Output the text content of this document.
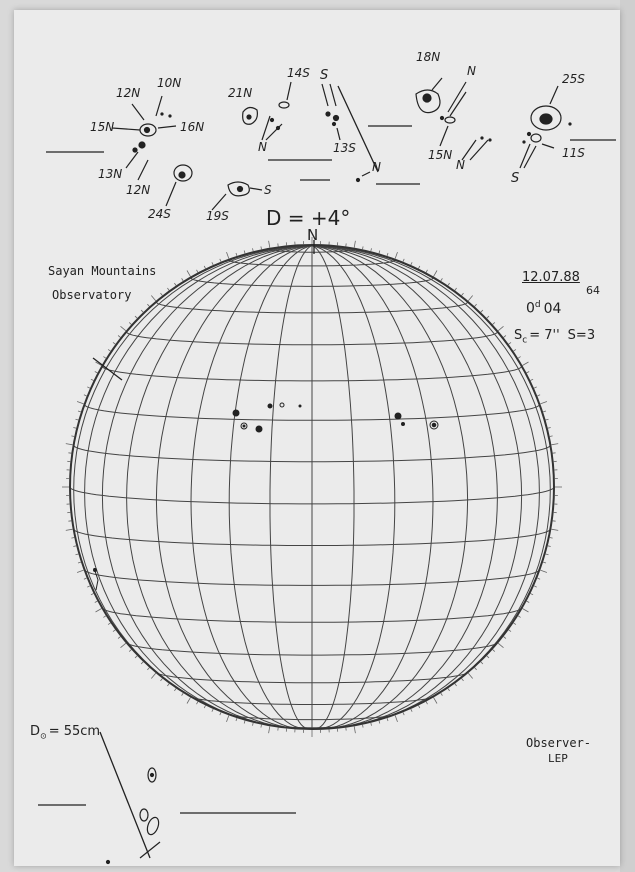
12N
10N
15N	16N
13N
12N
24S
21N
14S S
N	13S
19S
S
N
18N
N
15N
N
25S
11S
S
D = +4°
N
Sayan Mountains
Observatory
12.07.88
64
0$^d$ 04
$S_c = 7''$ S=3
$D_⊙ = 55cm$
Observer-
LEP
